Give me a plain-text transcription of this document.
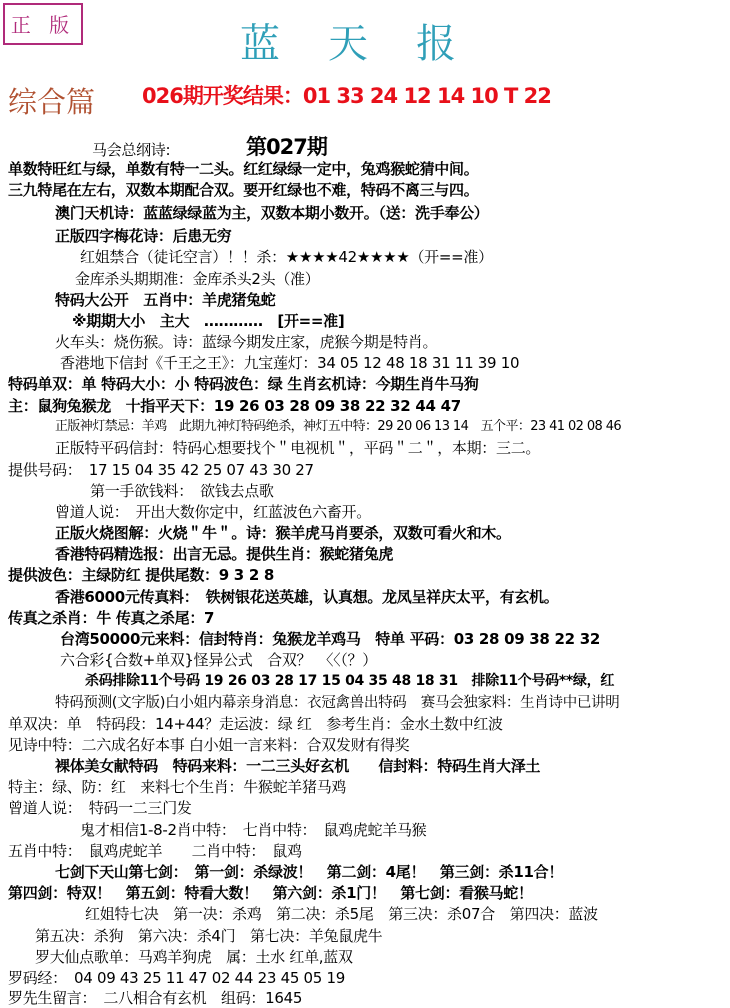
正 版	蓝天报
综合篇 026期开奖结果：01 33 24 12 14 10 T 22
第027期
马会总纲诗:
单数特旺红与绿，单数有特一二头。红红绿绿一定中，兔鸡猴蛇猜中间。
三九特尾在左右，双数本期配合双。要开红绿也不难，特码不离三与四。
澳门天机诗：蓝蓝绿绿蓝为主，双数本期小数开。（送：洗手奉公）
正版四字梅花诗：后患无穷
红姐禁合（徒讬空言）！！杀：★★★★42★★★★（开==准）
金库杀头期期准：金库杀头2头（准）
特码大公开　五肖中：羊虎猪兔蛇
※期期大小　主大　…………　[开==准]
火车头：烧伤猴。诗：蓝绿今期发庄家，虎猴今期是特肖。
香港地下信封《千王之王》：九宝莲灯：34 05 12 48 18 31 11 39 10
特码单双：单 特码大小：小 特码波色：绿 生肖玄机诗：今期生肖牛马狗
主：鼠狗兔猴龙　十指平天下：19 26 03 28 09 38 22 32 44 47
正版神灯禁忌：羊鸡　此期九神灯特码绝杀，神灯五中特：29 20 06 13 14　五个平：23 41 02 08 46
正版特平码信封：特码心想要找个＂电视机＂，平码＂二＂，本期：三二。
提供号码：　17 15 04 35 42 25 07 43 30 27
第一手欲钱料：　欲钱去点歌
曾道人说：　开出大数你定中，红蓝波色六畜开。
正版火烧图解：火烧＂牛＂。诗：猴羊虎马肖要杀，双数可看火和木。
香港特码精选报：出言无忌。提供生肖：猴蛇猪兔虎
提供波色：主绿防红 提供尾数：9 3 2 8
香港6000元传真料：　铁树银花送英雄，认真想。龙凤呈祥庆太平，有玄机。
传真之杀肖：牛 传真之杀尾：7
台湾50000元来料：信封特肖：兔猴龙羊鸡马　特单 平码：03 28 09 38 22 32
六合彩{合数+单双}怪异公式　合双？　〈〈（？）
杀码排除11个号码 19 26 03 28 17 15 04 35 48 18 31　排除11个号码**绿，红
特码预测(文字版)白小姐内幕亲身消息：衣冠禽兽出特码　赛马会独家料：生肖诗中已讲明
单双决：单　特码段：14+44？走运波：绿 红　参考生肖：金水土数中红波
见诗中特：二六成名好本事 白小姐一言来料：合双发财有得奖
裸体美女献特码　特码来料：一二三头好玄机　　信封料：特码生肖大泽土
特主：绿、防：红　来料七个生肖：牛猴蛇羊猪马鸡
曾道人说：　特码一二三门发
鬼才相信1-8-2肖中特：　七肖中特：　鼠鸡虎蛇羊马猴
五肖中特：　鼠鸡虎蛇羊　　二肖中特：　鼠鸡
七剑下天山第七剑：　第一剑：杀绿波！　第二剑：4尾！　第三剑：杀11合！
第四剑：特双！　第五剑：特看大数！　第六剑：杀1门！　第七剑：看猴马蛇！
红姐特七决　第一决：杀鸡　第二决：杀5尾　第三决：杀07合　第四决：蓝波
第五决：杀狗　第六决：杀4门　第七决：羊兔鼠虎牛
罗大仙点歌单：马鸡羊狗虎　属：土水 红单,蓝双
罗码经：　04 09 43 25 11 47 02 44 23 45 05 19
罗先生留言：　二八相合有玄机　组码：1645
